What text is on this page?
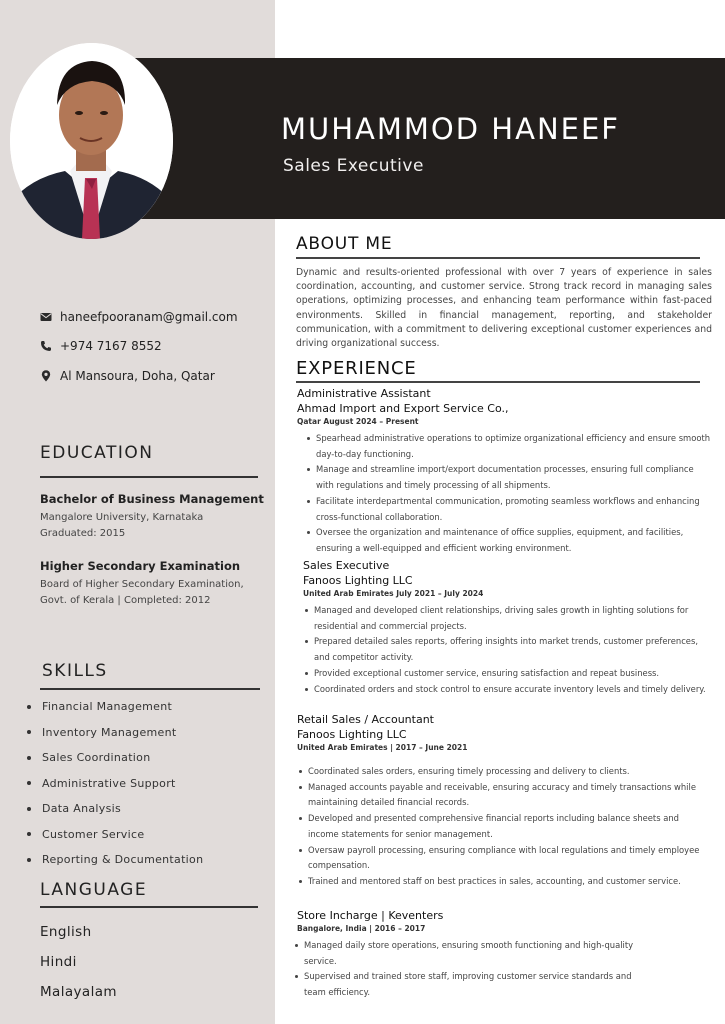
MUHAMMOD HANEEF
Sales Executive
haneefpooranam@gmail.com
+974 7167 8552
Al Mansoura, Doha, Qatar
EDUCATION
Bachelor of Business Management
Mangalore University, Karnataka
Graduated: 2015
Higher Secondary Examination
Board of Higher Secondary Examination,
Govt. of Kerala | Completed: 2012
SKILLS
Financial Management
Inventory Management
Sales Coordination
Administrative Support
Data Analysis
Customer Service
Reporting & Documentation
LANGUAGE
English
Hindi
Malayalam
ABOUT ME
Dynamic and results-oriented professional with over 7 years of experience in sales coordination, accounting, and customer service. Strong track record in managing sales operations, optimizing processes, and enhancing team performance within fast-paced environments. Skilled in financial management, reporting, and stakeholder communication, with a commitment to delivering exceptional customer experiences and driving organizational success.
EXPERIENCE
Administrative Assistant
Ahmad Import and Export Service Co.,
Qatar August 2024 – Present
Spearhead administrative operations to optimize organizational efficiency and ensure smooth day-to-day functioning.
Manage and streamline import/export documentation processes, ensuring full compliance with regulations and timely processing of all shipments.
Facilitate interdepartmental communication, promoting seamless workflows and enhancing cross-functional collaboration.
Oversee the organization and maintenance of office supplies, equipment, and facilities, ensuring a well-equipped and efficient working environment.
Sales Executive
Fanoos Lighting LLC
United Arab Emirates July 2021 – July 2024
Managed and developed client relationships, driving sales growth in lighting solutions for residential and commercial projects.
Prepared detailed sales reports, offering insights into market trends, customer preferences, and competitor activity.
Provided exceptional customer service, ensuring satisfaction and repeat business.
Coordinated orders and stock control to ensure accurate inventory levels and timely delivery.
Retail Sales / Accountant
Fanoos Lighting LLC
United Arab Emirates | 2017 – June 2021
Coordinated sales orders, ensuring timely processing and delivery to clients.
Managed accounts payable and receivable, ensuring accuracy and timely transactions while maintaining detailed financial records.
Developed and presented comprehensive financial reports including balance sheets and income statements for senior management.
Oversaw payroll processing, ensuring compliance with local regulations and timely employee compensation.
Trained and mentored staff on best practices in sales, accounting, and customer service.
Store Incharge | Keventers
Bangalore, India | 2016 – 2017
Managed daily store operations, ensuring smooth functioning and high-quality service.
Supervised and trained store staff, improving customer service standards and team efficiency.
